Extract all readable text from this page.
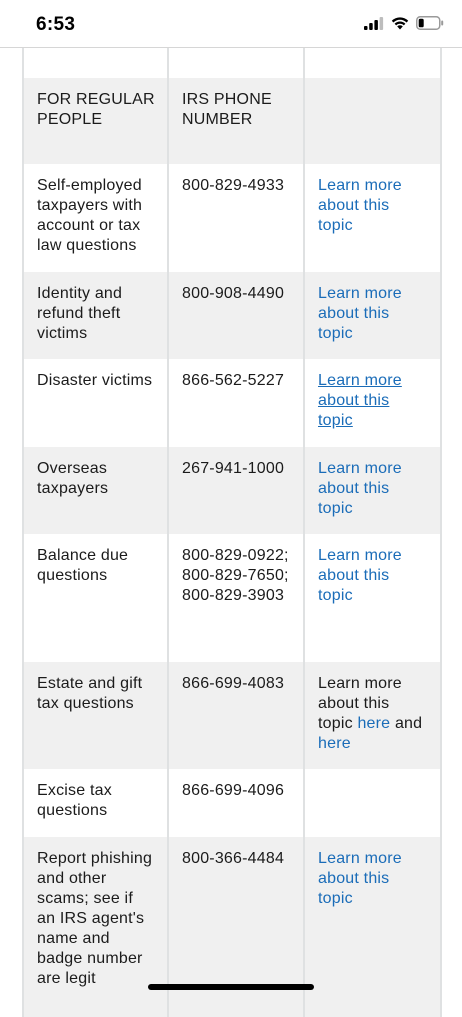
6:53

FOR REGULAR PEOPLE	IRS PHONE NUMBER	
Self-employed taxpayers with account or tax law questions	800-829-4933	Learn more about this topic
Identity and refund theft victims	800-908-4490	Learn more about this topic
Disaster victims	866-562-5227	Learn more about this topic
Overseas taxpayers	267-941-1000	Learn more about this topic
Balance due questions	800-829-0922; 800-829-7650; 800-829-3903	Learn more about this topic
Estate and gift tax questions	866-699-4083	Learn more about this topic here and here
Excise tax questions	866-699-4096	
Report phishing and other scams; see if an IRS agent's name and badge number are legit	800-366-4484	Learn more about this topic
